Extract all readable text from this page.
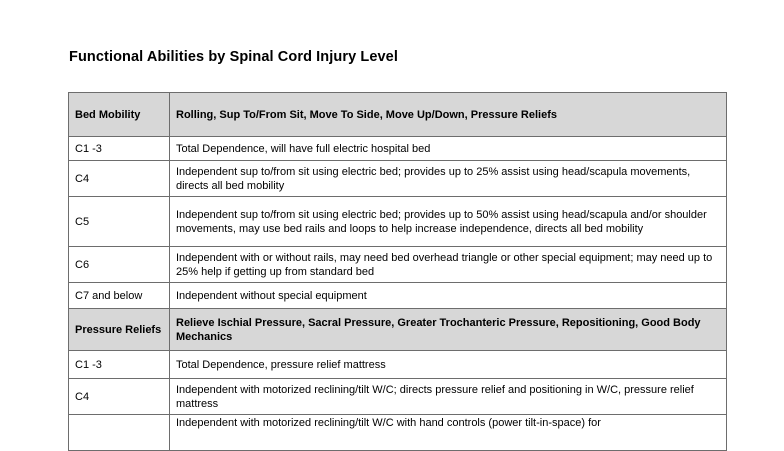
Functional Abilities by Spinal Cord Injury Level
Bed Mobility	Rolling, Sup To/From Sit, Move To Side, Move Up/Down, Pressure Reliefs
C1 -3	Total Dependence, will have full electric hospital bed
C4	Independent sup to/from sit using electric bed; provides up to 25% assist using head/scapula movements, directs all bed mobility
C5	Independent sup to/from sit using electric bed; provides up to 50% assist using head/scapula and/or shoulder movements, may use bed rails and loops to help increase independence, directs all bed mobility
C6	Independent with or without rails, may need bed overhead triangle or other special equipment; may need up to 25% help if getting up from standard bed
C7 and below	Independent without special equipment
Pressure Reliefs	Relieve Ischial Pressure, Sacral Pressure, Greater Trochanteric Pressure, Repositioning, Good Body Mechanics
C1 -3	Total Dependence, pressure relief mattress
C4	Independent with motorized reclining/tilt W/C; directs pressure relief and positioning in W/C, pressure relief mattress
	Independent with motorized reclining/tilt W/C with hand controls (power tilt-in-space) for
